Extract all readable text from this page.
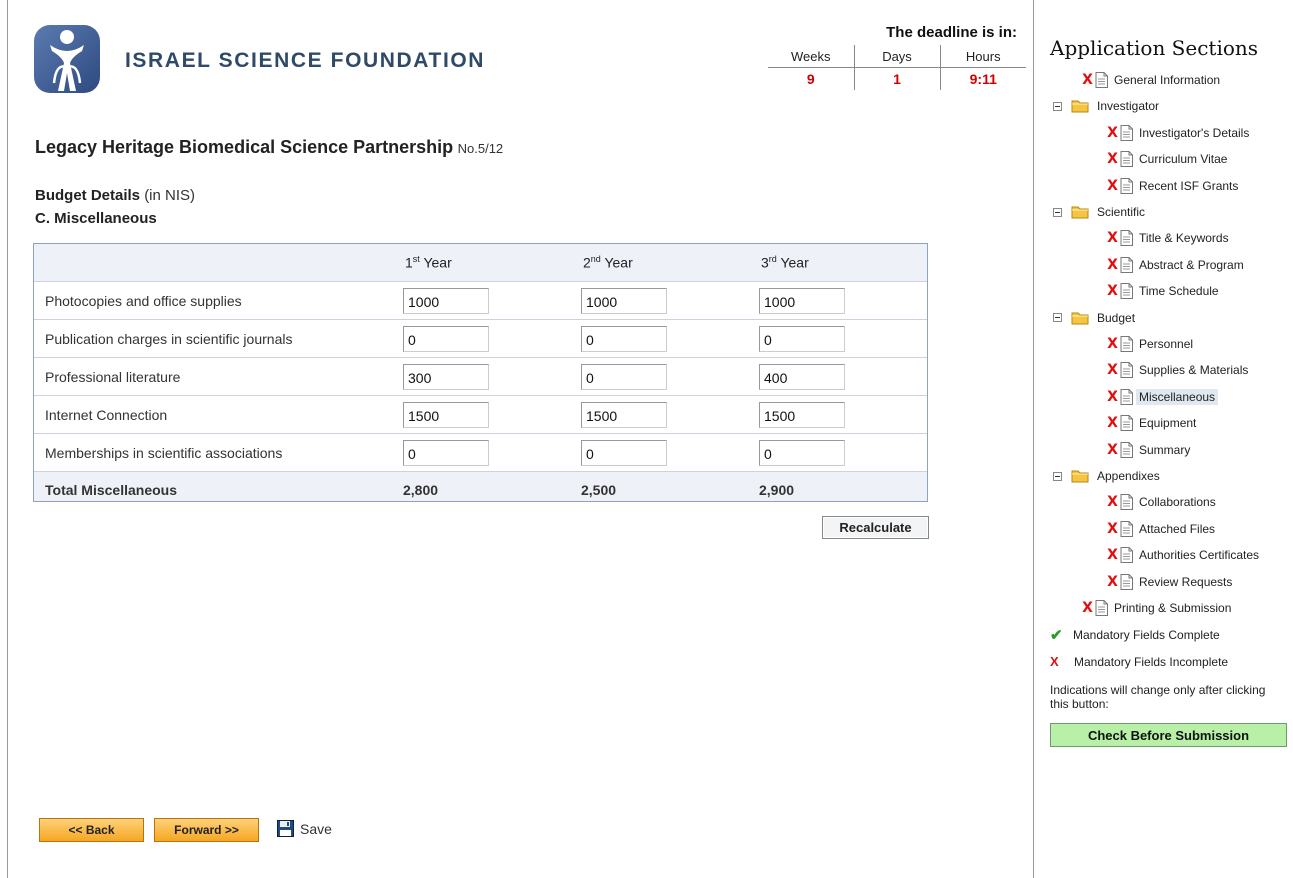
ISRAEL SCIENCE FOUNDATION
The deadline is in:
Weeks	Days	Hours
9	1	9:11
Legacy Heritage Biomedical Science Partnership No.5/12
Budget Details (in NIS)
C. Miscellaneous
	1st Year	2nd Year	3rd Year
Photocopies and office supplies	1000	1000	1000
Publication charges in scientific journals	0	0	0
Professional literature	300	0	400
Internet Connection	1500	1500	1500
Memberships in scientific associations	0	0	0
Total Miscellaneous	2,800	2,500	2,900
Recalculate
<< Back	Forward >>	Save
Application Sections
X General Information
Investigator
X Investigator's Details
X Curriculum Vitae
X Recent ISF Grants
Scientific
X Title & Keywords
X Abstract & Program
X Time Schedule
Budget
X Personnel
X Supplies & Materials
X Miscellaneous
X Equipment
X Summary
Appendixes
X Collaborations
X Attached Files
X Authorities Certificates
X Review Requests
X Printing & Submission
✔ Mandatory Fields Complete
X Mandatory Fields Incomplete
Indications will change only after clicking this button:
Check Before Submission
